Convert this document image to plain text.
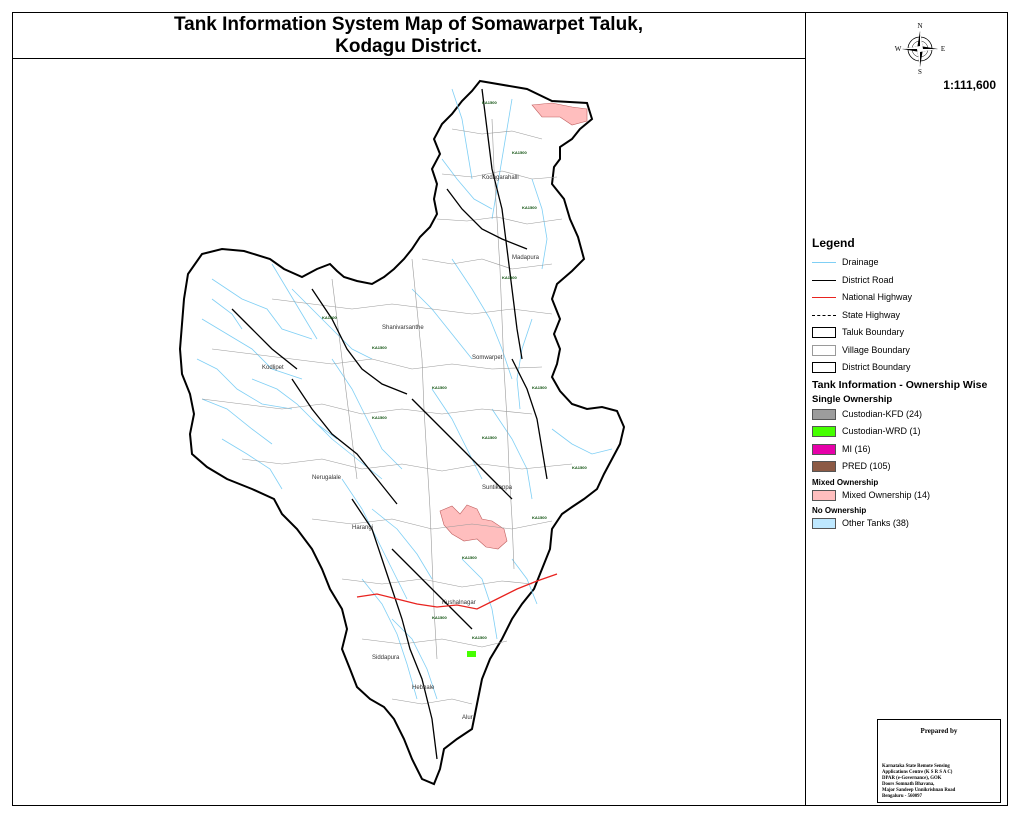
Tank Information System Map of Somawarpet Taluk,
Kodagu District.
N
S
W	E
1:111,600
Kodlipet
Shanivarsanthe
Somwarpet
Kushalnagar
Suntikoppa
Madapura
Kodagarahalli
Nerugalale
Harangi
Hebbale
Alur
Siddapura
KA1500
KA1500
KA1500
KA1500
KA1500
KA1500
KA1500	KA1500
KA1500
KA1500
KA1500
KA1500
KA1500
KA1500
KA1500
Legend
Drainage
District Road
National Highway
State Highway
Taluk Boundary
Village Boundary
District Boundary
Tank Information - Ownership Wise
Single Ownership
Custodian-KFD (24)
Custodian-WRD (1)
MI (16)
PRED (105)
Mixed Ownership
Mixed Ownership (14)
No Ownership
Other Tanks (38)
Prepared by
Karnataka State Remote Sensing
Applications Centre (K S R S A C)
DPAR (e-Governance), GOK
Doors Somnath Bhavana,
Major Sandeep Unnikrishnan Road
Bengaluru - 560097
